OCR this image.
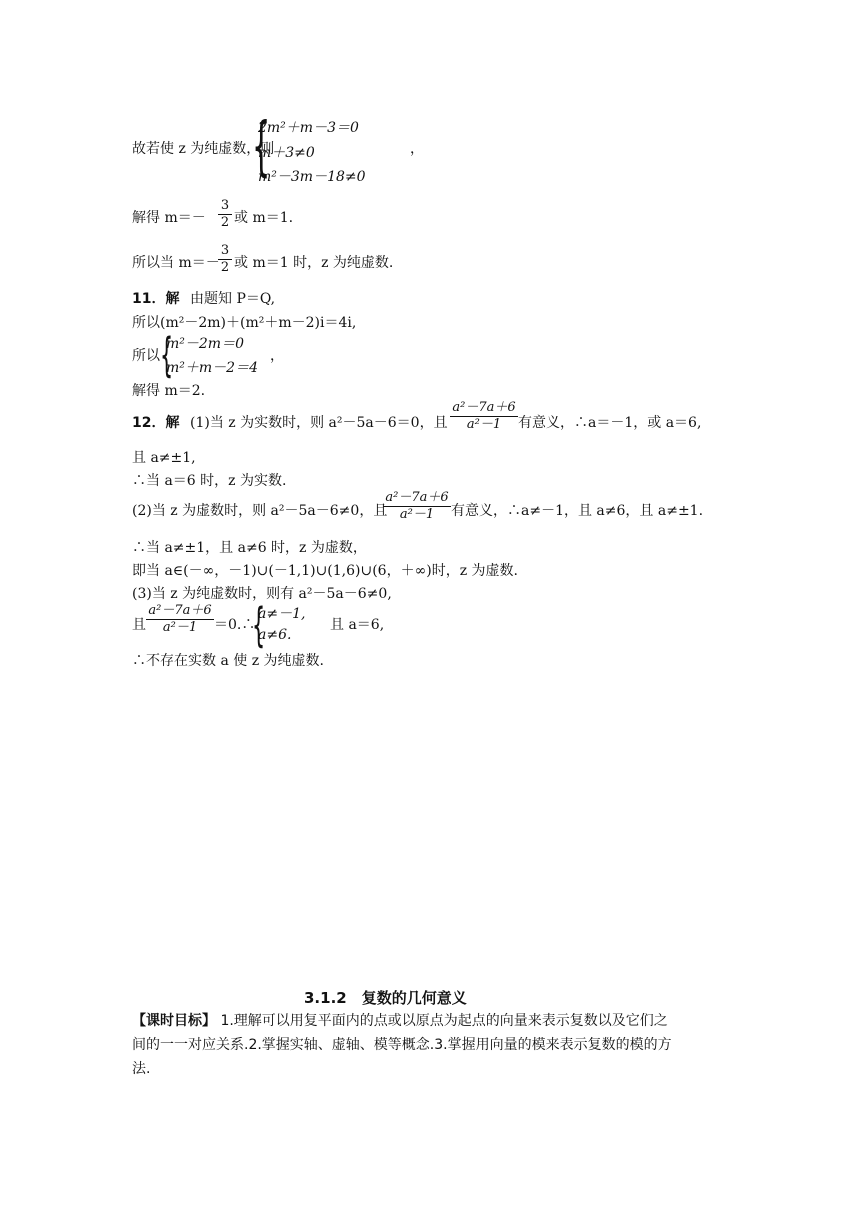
故若使 z 为纯虚数，则
{
2m²＋m－3＝0
m＋3≠0
m²－3m－18≠0
，
解得 m＝－
3
2 或 m＝1.
所以当 m＝－
3
2 或 m＝1 时，z 为纯虚数.
11．解 由题知 P＝Q,
所以(m²－2m)＋(m²＋m－2)i＝4i,
所以 {
m²－2m＝0
m²＋m－2＝4
，
解得 m＝2.
12．解 (1)当 z 为实数时，则 a²－5a－6＝0，且
a²－7a＋6
a²－1	有意义，∴a＝－1，或 a＝6,
且 a≠±1,
∴当 a＝6 时，z 为实数.
(2)当 z 为虚数时，则 a²－5a－6≠0，且
a²－7a＋6
a²－1	有意义，∴a≠－1，且 a≠6，且 a≠±1.
∴当 a≠±1，且 a≠6 时，z 为虚数，
即当 a∈(－∞，－1)∪(－1,1)∪(1,6)∪(6，＋∞)时，z 为虚数.
(3)当 z 为纯虚数时，则有 a²－5a－6≠0,
且
a²－7a＋6
a²－1	＝0.∴
{
a≠－1,
a≠6.
且 a＝6,
∴不存在实数 a 使 z 为纯虚数.
3.1.2　复数的几何意义
【课时目标】 1.理解可以用复平面内的点或以原点为起点的向量来表示复数以及它们之
间的一一对应关系.2.掌握实轴、虚轴、模等概念.3.掌握用向量的模来表示复数的模的方
法.
